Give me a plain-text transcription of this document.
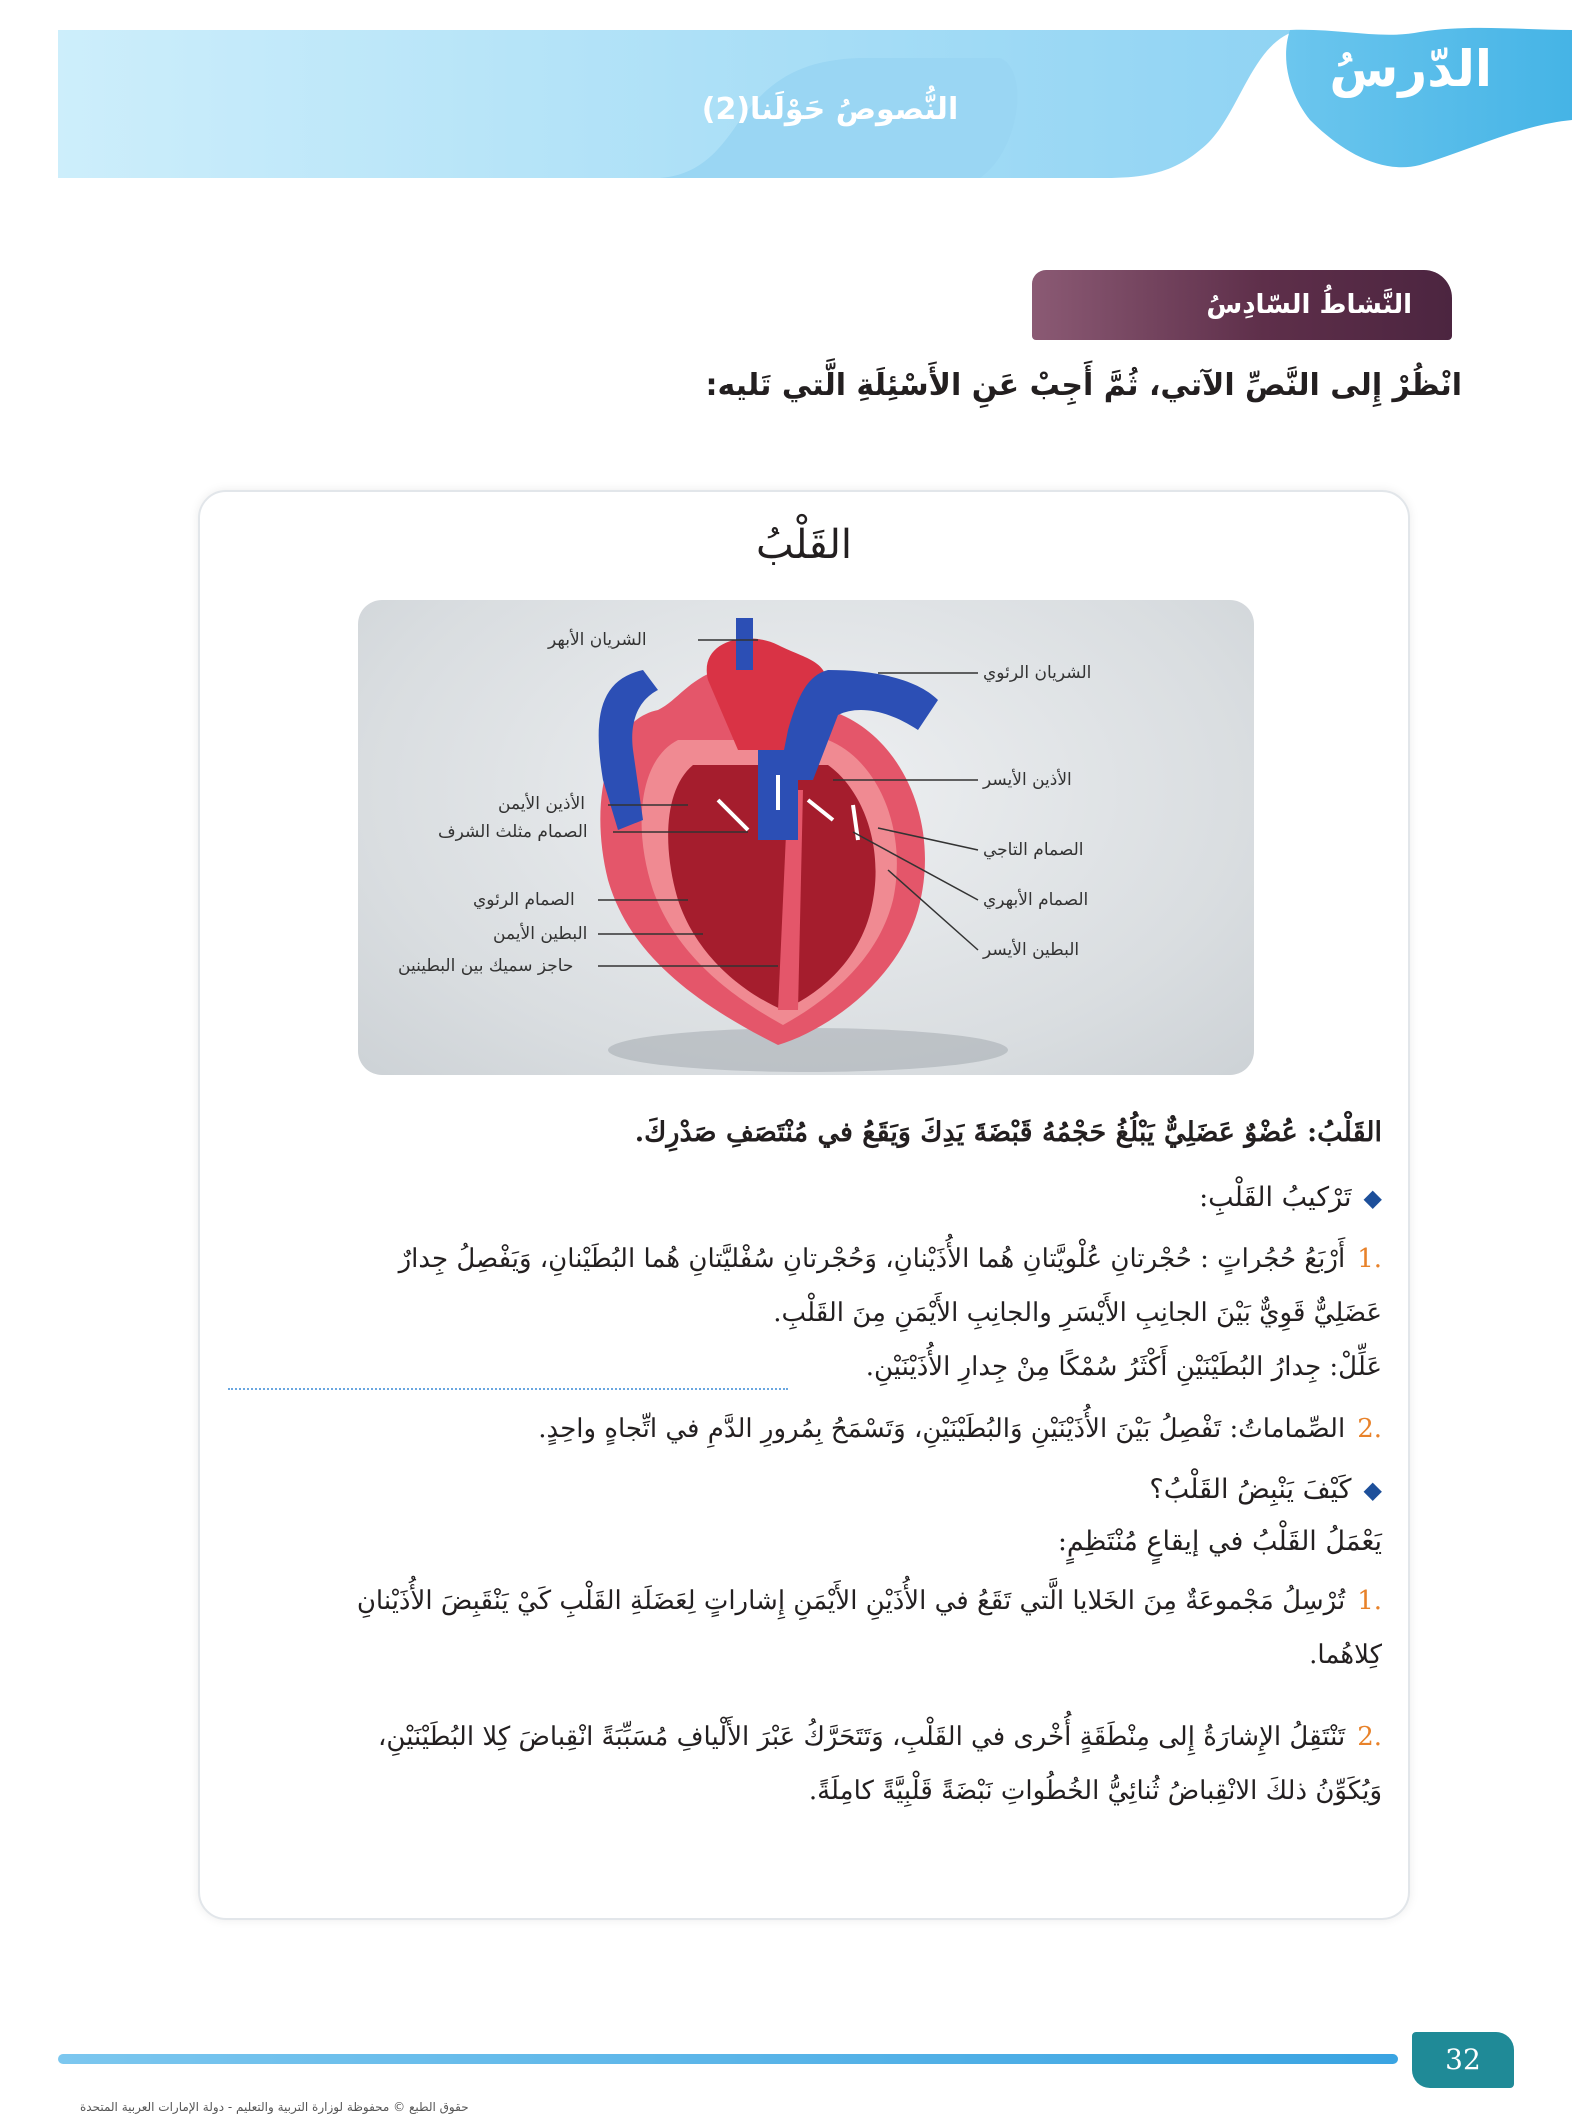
الدّرسُ
النُّصوصُ حَوْلَنا(2)
النَّشاطُ السّادِسُ
انْظُرْ إِلى النَّصِّ الآتي، ثُمَّ أَجِبْ عَنِ الأَسْئِلَةِ الَّتي تَليه:
القَلْبُ
الشريان الأبهر
الشريان الرئوي
الأذين الأيسر
الأذين الأيمن
الصمام مثلث الشرف
الصمام التاجي
الصمام الرئوي	الصمام الأبهري
البطين الأيمن
البطين الأيسر
حاجز سميك بين البطينين
القَلْبُ: عُضْوٌ عَضَلِيٌّ يَبْلُغُ حَجْمُهُ قَبْضَةَ يَدِكَ وَيَقَعُ في مُنْتَصَفِ صَدْرِكَ.
◆تَرْكيبُ القَلْبِ:
.1أَرْبَعُ حُجُراتٍ : حُجْرتانِ عُلْويَّتانِ هُما الأُذَيْنانِ، وَحُجْرتانِ سُفْليَّتانِ هُما البُطَيْنانِ، وَيَفْصِلُ جِدارٌ
عَضَلِيٌّ قَوِيٌّ بَيْنَ الجانِبِ الأَيْسَرِ والجانِبِ الأَيْمَنِ مِنَ القَلْبِ.
عَلِّلْ: جِدارُ البُطَيْنَيْنِ أَكْثَرُ سُمْكًا مِنْ جِدارِ الأُذَيْنَيْنِ.
.2الصِّماماتُ: تَفْصِلُ بَيْنَ الأُذَيْنَيْنِ وَالبُطَيْنَيْنِ، وَتَسْمَحُ بِمُرورِ الدَّمِ في اتِّجاهٍ واحِدٍ.
◆كَيْفَ يَنْبِضُ القَلْبُ؟
يَعْمَلُ القَلْبُ في إيقاعٍ مُنْتَظِمٍ:
.1تُرْسِلُ مَجْموعَةٌ مِنَ الخَلايا الَّتي تَقَعُ في الأُذَيْنِ الأَيْمَنِ إِشاراتٍ لِعَضَلَةِ القَلْبِ كَيْ يَنْقَبِضَ الأُذَيْنانِ
كِلاهُما.
.2تَنْتَقِلُ الإِشارَةُ إِلى مِنْطَقَةٍ أُخْرى في القَلْبِ، وَتَتَحَرَّكُ عَبْرَ الأَلْيافِ مُسَبِّبَةً انْقِباضَ كِلا البُطَيْنَيْنِ،
وَيُكَوِّنُ ذلكَ الانْقِباضُ ثُنائِيُّ الخُطُواتِ نَبْضَةً قَلْبِيَّةً كامِلَةً.
32
حقوق الطبع © محفوظة لوزارة التربية والتعليم - دولة الإمارات العربية المتحدة
